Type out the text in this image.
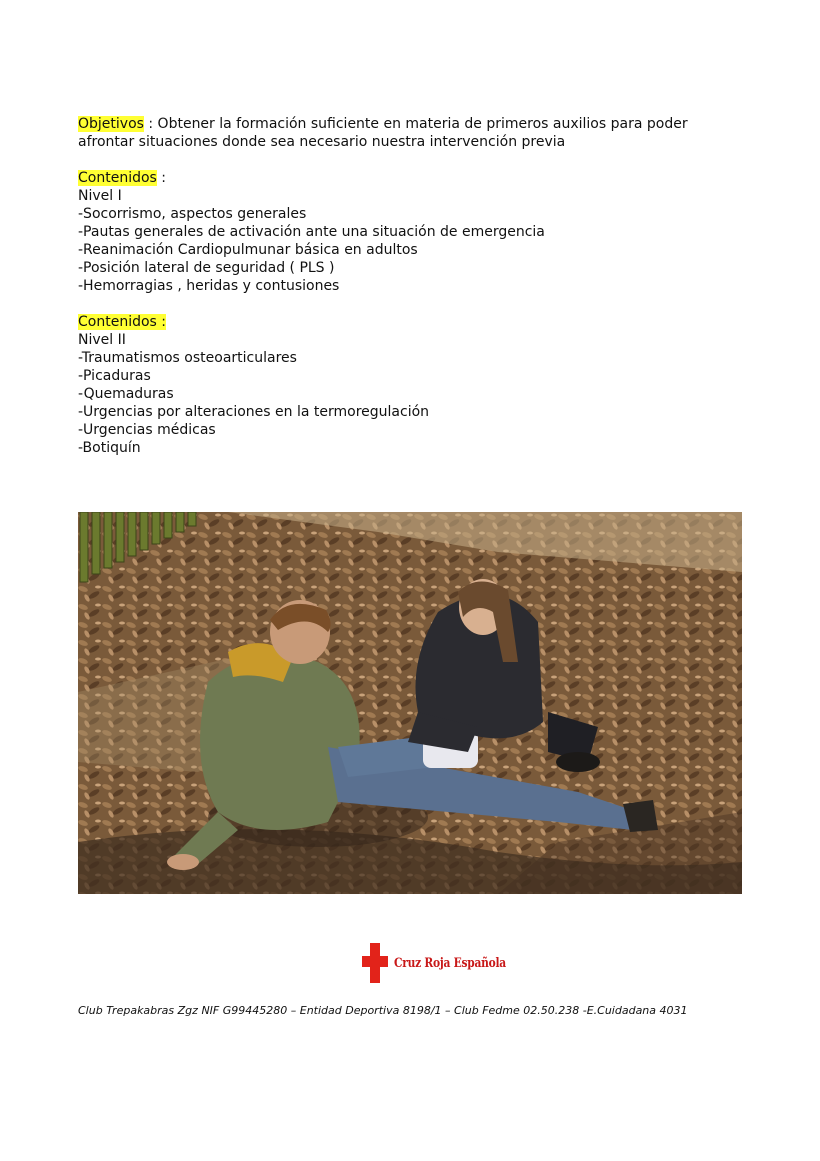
Objetivos : Obtener la formación suficiente en materia de primeros auxilios para poder afrontar situaciones donde sea necesario nuestra intervención previa
Contenidos :
Nivel I
-Socorrismo, aspectos generales
-Pautas generales de activación ante una situación de emergencia
-Reanimación Cardiopulmunar básica en adultos
-Posición lateral de seguridad ( PLS )
-Hemorragias , heridas y contusiones
Contenidos :
Nivel II
-Traumatismos osteoarticulares
-Picaduras
-Quemaduras
-Urgencias por alteraciones en la termoregulación
-Urgencias médicas
-Botiquín
Cruz Roja Española
Club Trepakabras Zgz NIF G99445280 – Entidad Deportiva 8198/1 – Club Fedme 02.50.238 -E.Cuidadana 4031
